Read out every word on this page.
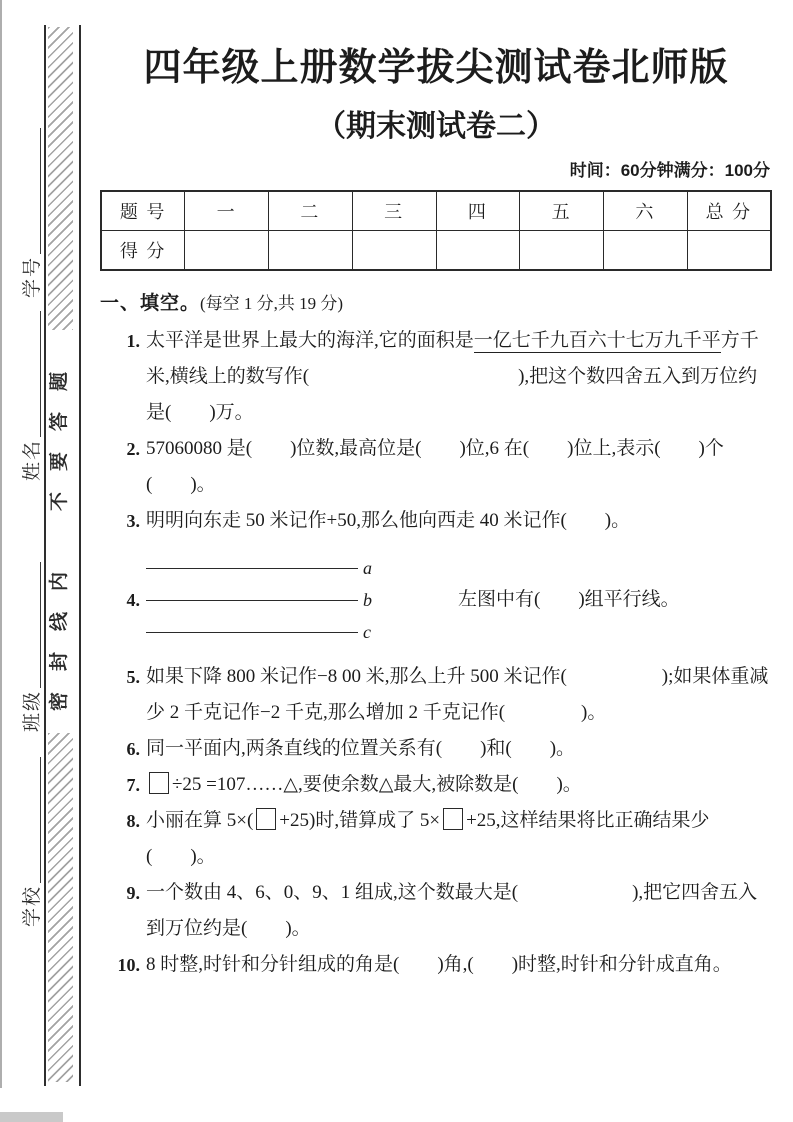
学号
姓名
班级
学校
密封线内　不要答题
四年级上册数学拔尖测试卷北师版
（期末测试卷二）
时间：60分钟满分：100分
题 号	一	二	三	四	五	六	总 分
得 分							
一、填空。(每空 1 分,共 19 分)
1. 太平洋是世界上最大的海洋,它的面积是一亿七千九百六十七万九千平方千米,横线上的数写作(　　　　　　　　　　　),把这个数四舍五入到万位约是(　　)万。
2. 57060080 是(　　)位数,最高位是(　　)位,6 在(　　)位上,表示(　　)个(　　)。
3. 明明向东走 50 米记作+50,那么他向西走 40 米记作(　　)。
4.
a
b
c
左图中有(　　)组平行线。
5. 如果下降 800 米记作−8 00 米,那么上升 500 米记作(　　　　　);如果体重减少 2 千克记作−2 千克,那么增加 2 千克记作(　　　　)。
6. 同一平面内,两条直线的位置关系有(　　)和(　　)。
7.	÷25 =107……△,要使余数△最大,被除数是(　　)。
8. 小丽在算 5×( +25)时,错算成了 5× +25,这样结果将比正确结果少(　　)。
9. 一个数由 4、6、0、9、1 组成,这个数最大是(　　　　　　),把它四舍五入到万位约是(　　)。
10. 8 时整,时针和分针组成的角是(　　)角,(　　)时整,时针和分针成直角。
